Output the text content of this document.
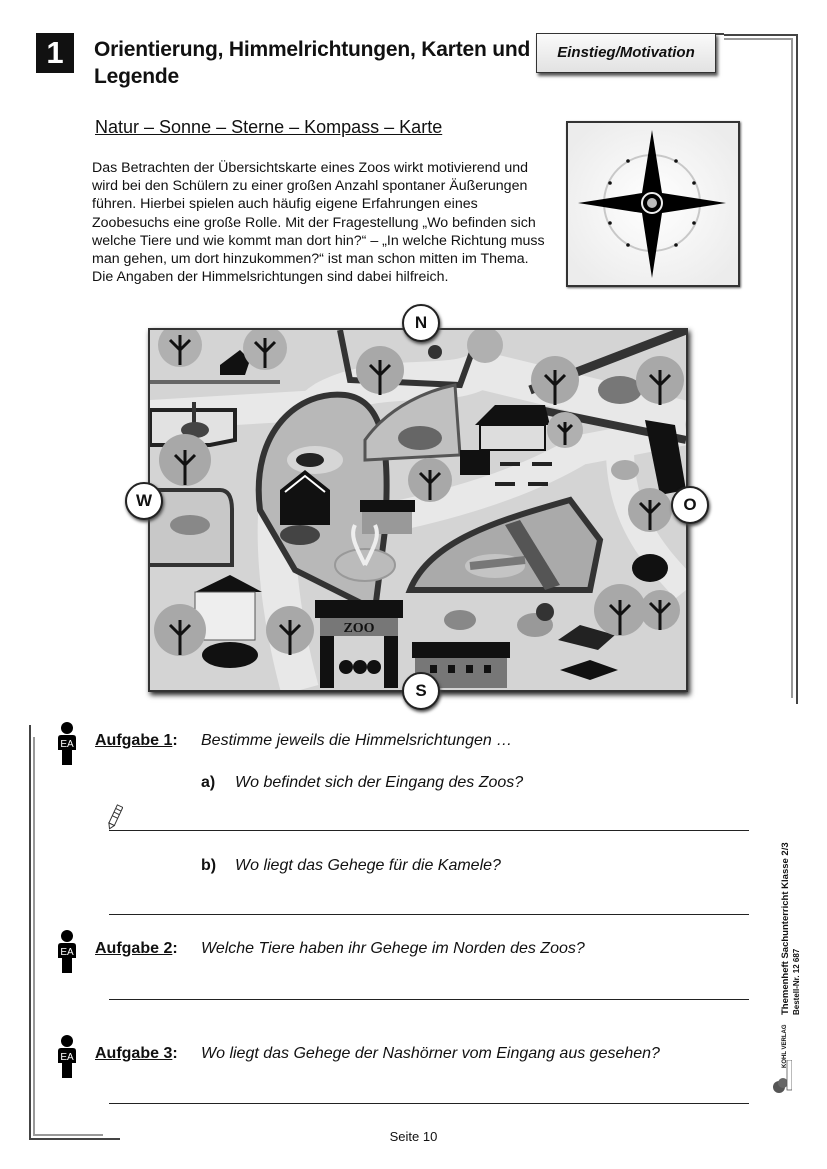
1	Orientierung, Himmelrichtungen, Karten und Legende
Einstieg/Motivation
Natur – Sonne – Sterne – Kompass – Karte
Das Betrachten der Übersichtskarte eines Zoos wirkt motivierend und wird bei den Schülern zu einer großen Anzahl spontaner Äußerungen führen. Hierbei spielen auch häufig eigene Erfahrungen eines Zoobesuchs eine große Rolle. Mit der Fragestellung „Wo befinden sich welche Tiere und wie kommt man dort hin?“ – „In welche Richtung muss man gehen, um dort hinzukommen?“ ist man schon mitten im Thema. Die Angaben der Himmelsrichtungen sind dabei hilfreich.
ZOO
N
S
W	O
EA Aufgabe 1: Bestimme jeweils die Himmelsrichtungen …
a) Wo befindet sich der Eingang des Zoos?
b) Wo liegt das Gehege für die Kamele?
EA Aufgabe 2: Welche Tiere haben ihr Gehege im Norden des Zoos?
EA Aufgabe 3: Wo liegt das Gehege der Nashörner vom Eingang aus gesehen?
Themenheft Sachunterricht Klasse 2/3 Bestell-Nr. 12 687
KOHL VERLAG
Seite 10
